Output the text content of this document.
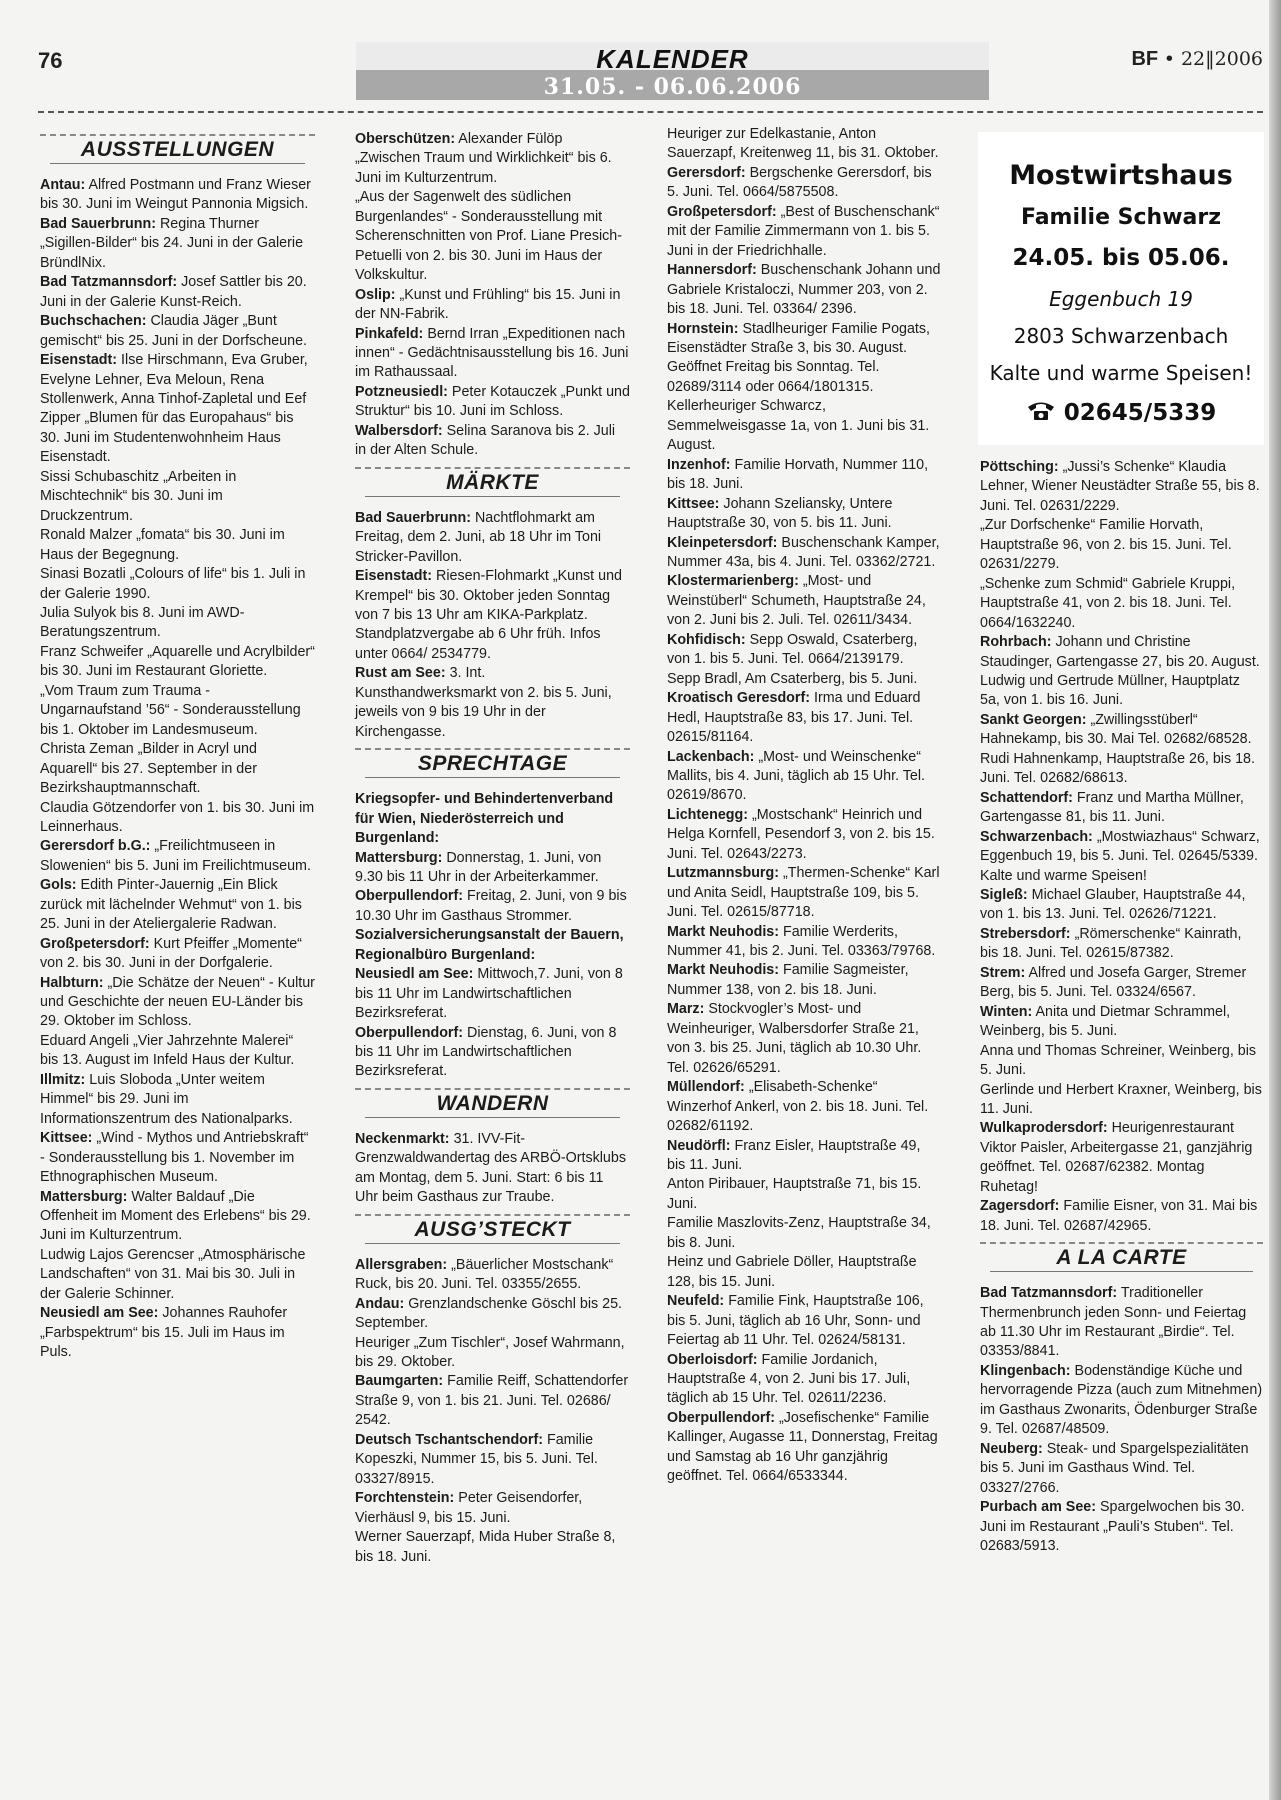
76	KALENDER
31.05. - 06.06.2006
BF • 22‖2006
AUSSTELLUNGEN

Antau: Alfred Postmann und Franz Wieser bis 30. Juni im Weingut Pannonia Migsich.

Bad Sauerbrunn: Regina Thurner „Sigillen-Bilder“ bis 24. Juni in der Galerie BründlNix.

Bad Tatzmannsdorf: Josef Sattler bis 20. Juni in der Galerie Kunst-Reich.

Buchschachen: Claudia Jäger „Bunt gemischt“ bis 25. Juni in der Dorfscheune.

Eisenstadt: Ilse Hirschmann, Eva Gruber, Evelyne Lehner, Eva Meloun, Rena Stollenwerk, Anna Tinhof-Zapletal und Eef Zipper „Blumen für das Europahaus“ bis 30. Juni im Studentenwohnheim Haus Eisenstadt.

Sissi Schubaschitz „Arbeiten in Mischtechnik“ bis 30. Juni im Druckzentrum.

Ronald Malzer „fomata“ bis 30. Juni im Haus der Begegnung.

Sinasi Bozatli „Colours of life“ bis 1. Juli in der Galerie 1990.

Julia Sulyok bis 8. Juni im AWD-Beratungszentrum.

Franz Schweifer „Aquarelle und Acrylbilder“ bis 30. Juni im Restaurant Gloriette.

„Vom Traum zum Trauma - Ungarnaufstand ’56“ - Sonderausstellung bis 1. Oktober im Landesmuseum.

Christa Zeman „Bilder in Acryl und Aquarell“ bis 27. September in der Bezirkshauptmannschaft.

Claudia Götzendorfer von 1. bis 30. Juni im Leinnerhaus.

Gerersdorf b.G.: „Freilichtmuseen in Slowenien“ bis 5. Juni im Freilichtmuseum.

Gols: Edith Pinter-Jauernig „Ein Blick zurück mit lächelnder Wehmut“ von 1. bis 25. Juni in der Ateliergalerie Radwan.

Großpetersdorf: Kurt Pfeiffer „Momente“ von 2. bis 30. Juni in der Dorfgalerie.

Halbturn: „Die Schätze der Neuen“ - Kultur und Geschichte der neuen EU-Länder bis 29. Oktober im Schloss.

Eduard Angeli „Vier Jahrzehnte Malerei“ bis 13. August im Infeld Haus der Kultur.

Illmitz: Luis Sloboda „Unter weitem Himmel“ bis 29. Juni im Informationszentrum des Nationalparks.

Kittsee: „Wind - Mythos und Antriebskraft“ - Sonderausstellung bis 1. November im Ethnographischen Museum.

Mattersburg: Walter Baldauf „Die Offenheit im Moment des Erlebens“ bis 29. Juni im Kulturzentrum.

Ludwig Lajos Gerencser „Atmosphärische Landschaften“ von 31. Mai bis 30. Juli in der Galerie Schinner.

Neusiedl am See: Johannes Rauhofer „Farbspektrum“ bis 15. Juli im Haus im Puls.

Oberschützen: Alexander Fülöp „Zwischen Traum und Wirklichkeit“ bis 6. Juni im Kulturzentrum.

„Aus der Sagenwelt des südlichen Burgenlandes“ - Sonderausstellung mit Scherenschnitten von Prof. Liane Presich-Petuelli von 2. bis 30. Juni im Haus der Volkskultur.

Oslip: „Kunst und Frühling“ bis 15. Juni in der NN-Fabrik.

Pinkafeld: Bernd Irran „Expeditionen nach innen“ - Gedächtnisausstellung bis 16. Juni im Rathaussaal.

Potzneusiedl: Peter Kotauczek „Punkt und Struktur“ bis 10. Juni im Schloss.

Walbersdorf: Selina Saranova bis 2. Juli in der Alten Schule.

MÄRKTE

Bad Sauerbrunn: Nachtflohmarkt am Freitag, dem 2. Juni, ab 18 Uhr im Toni Stricker-Pavillon.

Eisenstadt: Riesen-Flohmarkt „Kunst und Krempel“ bis 30. Oktober jeden Sonntag von 7 bis 13 Uhr am KIKA-Parkplatz. Standplatzvergabe ab 6 Uhr früh. Infos unter 0664/ 2534779.

Rust am See: 3. Int. Kunsthandwerksmarkt von 2. bis 5. Juni, jeweils von 9 bis 19 Uhr in der Kirchengasse.

SPRECHTAGE

Kriegsopfer- und Behindertenverband für Wien, Niederösterreich und Burgenland:

Mattersburg: Donnerstag, 1. Juni, von 9.30 bis 11 Uhr in der Arbeiterkammer.

Oberpullendorf: Freitag, 2. Juni, von 9 bis 10.30 Uhr im Gasthaus Strommer.

Sozialversicherungsanstalt der Bauern, Regionalbüro Burgenland:

Neusiedl am See: Mittwoch,7. Juni, von 8 bis 11 Uhr im Landwirtschaftlichen Bezirksreferat.

Oberpullendorf: Dienstag, 6. Juni, von 8 bis 11 Uhr im Landwirtschaftlichen Bezirksreferat.

WANDERN

Neckenmarkt: 31. IVV-Fit-Grenzwaldwandertag des ARBÖ-Ortsklubs am Montag, dem 5. Juni. Start: 6 bis 11 Uhr beim Gasthaus zur Traube.

AUSG’STECKT

Allersgraben: „Bäuerlicher Mostschank“ Ruck, bis 20. Juni. Tel. 03355/2655.

Andau: Grenzlandschenke Göschl bis 25. September.

Heuriger „Zum Tischler“, Josef Wahrmann, bis 29. Oktober.

Baumgarten: Familie Reiff, Schattendorfer Straße 9, von 1. bis 21. Juni. Tel. 02686/ 2542.

Deutsch Tschantschendorf: Familie Kopeszki, Nummer 15, bis 5. Juni. Tel. 03327/8915.

Forchtenstein: Peter Geisendorfer, Vierhäusl 9, bis 15. Juni.

Werner Sauerzapf, Mida Huber Straße 8, bis 18. Juni.

Heuriger zur Edelkastanie, Anton Sauerzapf, Kreitenweg 11, bis 31. Oktober.

Gerersdorf: Bergschenke Gerersdorf, bis 5. Juni. Tel. 0664/5875508.

Großpetersdorf: „Best of Buschenschank“ mit der Familie Zimmermann von 1. bis 5. Juni in der Friedrichhalle.

Hannersdorf: Buschenschank Johann und Gabriele Kristaloczi, Nummer 203, von 2. bis 18. Juni. Tel. 03364/ 2396.

Hornstein: Stadlheuriger Familie Pogats, Eisenstädter Straße 3, bis 30. August. Geöffnet Freitag bis Sonntag. Tel. 02689/3114 oder 0664/1801315.

Kellerheuriger Schwarcz, Semmelweisgasse 1a, von 1. Juni bis 31. August.

Inzenhof: Familie Horvath, Nummer 110, bis 18. Juni.

Kittsee: Johann Szeliansky, Untere Hauptstraße 30, von 5. bis 11. Juni.

Kleinpetersdorf: Buschenschank Kamper, Nummer 43a, bis 4. Juni. Tel. 03362/2721.

Klostermarienberg: „Most- und Weinstüberl“ Schumeth, Hauptstraße 24, von 2. Juni bis 2. Juli. Tel. 02611/3434.

Kohfidisch: Sepp Oswald, Csaterberg, von 1. bis 5. Juni. Tel. 0664/2139179.

Sepp Bradl, Am Csaterberg, bis 5. Juni.

Kroatisch Geresdorf: Irma und Eduard Hedl, Hauptstraße 83, bis 17. Juni. Tel. 02615/81164.

Lackenbach: „Most- und Weinschenke“ Mallits, bis 4. Juni, täglich ab 15 Uhr. Tel. 02619/8670.

Lichtenegg: „Mostschank“ Heinrich und Helga Kornfell, Pesendorf 3, von 2. bis 15. Juni. Tel. 02643/2273.

Lutzmannsburg: „Thermen-Schenke“ Karl und Anita Seidl, Hauptstraße 109, bis 5. Juni. Tel. 02615/87718.

Markt Neuhodis: Familie Werderits, Nummer 41, bis 2. Juni. Tel. 03363/79768.

Markt Neuhodis: Familie Sagmeister, Nummer 138, von 2. bis 18. Juni.

Marz: Stockvogler’s Most- und Weinheuriger, Walbersdorfer Straße 21, von 3. bis 25. Juni, täglich ab 10.30 Uhr. Tel. 02626/65291.

Müllendorf: „Elisabeth-Schenke“ Winzerhof Ankerl, von 2. bis 18. Juni. Tel. 02682/61192.

Neudörfl: Franz Eisler, Hauptstraße 49, bis 11. Juni.

Anton Piribauer, Hauptstraße 71, bis 15. Juni.

Familie Maszlovits-Zenz, Hauptstraße 34, bis 8. Juni.

Heinz und Gabriele Döller, Hauptstraße 128, bis 15. Juni.

Neufeld: Familie Fink, Hauptstraße 106, bis 5. Juni, täglich ab 16 Uhr, Sonn- und Feiertag ab 11 Uhr. Tel. 02624/58131.

Oberloisdorf: Familie Jordanich, Hauptstraße 4, von 2. Juni bis 17. Juli, täglich ab 15 Uhr. Tel. 02611/2236.

Oberpullendorf: „Josefischenke“ Familie Kallinger, Augasse 11, Donnerstag, Freitag und Samstag ab 16 Uhr ganzjährig geöffnet. Tel. 0664/6533344.

Mostwirtshaus
Familie Schwarz
24.05. bis 05.06.
Eggenbuch 19
2803 Schwarzenbach
Kalte und warme Speisen!
02645/5339

Pöttsching: „Jussi’s Schenke“ Klaudia Lehner, Wiener Neustädter Straße 55, bis 8. Juni. Tel. 02631/2229.

„Zur Dorfschenke“ Familie Horvath, Hauptstraße 96, von 2. bis 15. Juni. Tel. 02631/2279.

„Schenke zum Schmid“ Gabriele Kruppi, Hauptstraße 41, von 2. bis 18. Juni. Tel. 0664/1632240.

Rohrbach: Johann und Christine Staudinger, Gartengasse 27, bis 20. August.

Ludwig und Gertrude Müllner, Hauptplatz 5a, von 1. bis 16. Juni.

Sankt Georgen: „Zwillingsstüberl“ Hahnekamp, bis 30. Mai Tel. 02682/68528.

Rudi Hahnenkamp, Hauptstraße 26, bis 18. Juni. Tel. 02682/68613.

Schattendorf: Franz und Martha Müllner, Gartengasse 81, bis 11. Juni.

Schwarzenbach: „Mostwiazhaus“ Schwarz, Eggenbuch 19, bis 5. Juni. Tel. 02645/5339. Kalte und warme Speisen!

Sigleß: Michael Glauber, Hauptstraße 44, von 1. bis 13. Juni. Tel. 02626/71221.

Strebersdorf: „Römerschenke“ Kainrath, bis 18. Juni. Tel. 02615/87382.

Strem: Alfred und Josefa Garger, Stremer Berg, bis 5. Juni. Tel. 03324/6567.

Winten: Anita und Dietmar Schrammel, Weinberg, bis 5. Juni.

Anna und Thomas Schreiner, Weinberg, bis 5. Juni.

Gerlinde und Herbert Kraxner, Weinberg, bis 11. Juni.

Wulkaprodersdorf: Heurigenrestaurant Viktor Paisler, Arbeitergasse 21, ganzjährig geöffnet. Tel. 02687/62382. Montag Ruhetag!

Zagersdorf: Familie Eisner, von 31. Mai bis 18. Juni. Tel. 02687/42965.

A LA CARTE

Bad Tatzmannsdorf: Traditioneller Thermenbrunch jeden Sonn- und Feiertag ab 11.30 Uhr im Restaurant „Birdie“. Tel. 03353/8841.

Klingenbach: Bodenständige Küche und hervorragende Pizza (auch zum Mitnehmen) im Gasthaus Zwonarits, Ödenburger Straße 9. Tel. 02687/48509.

Neuberg: Steak- und Spargelspezialitäten bis 5. Juni im Gasthaus Wind. Tel. 03327/2766.

Purbach am See: Spargelwochen bis 30. Juni im Restaurant „Pauli’s Stuben“. Tel. 02683/5913.
